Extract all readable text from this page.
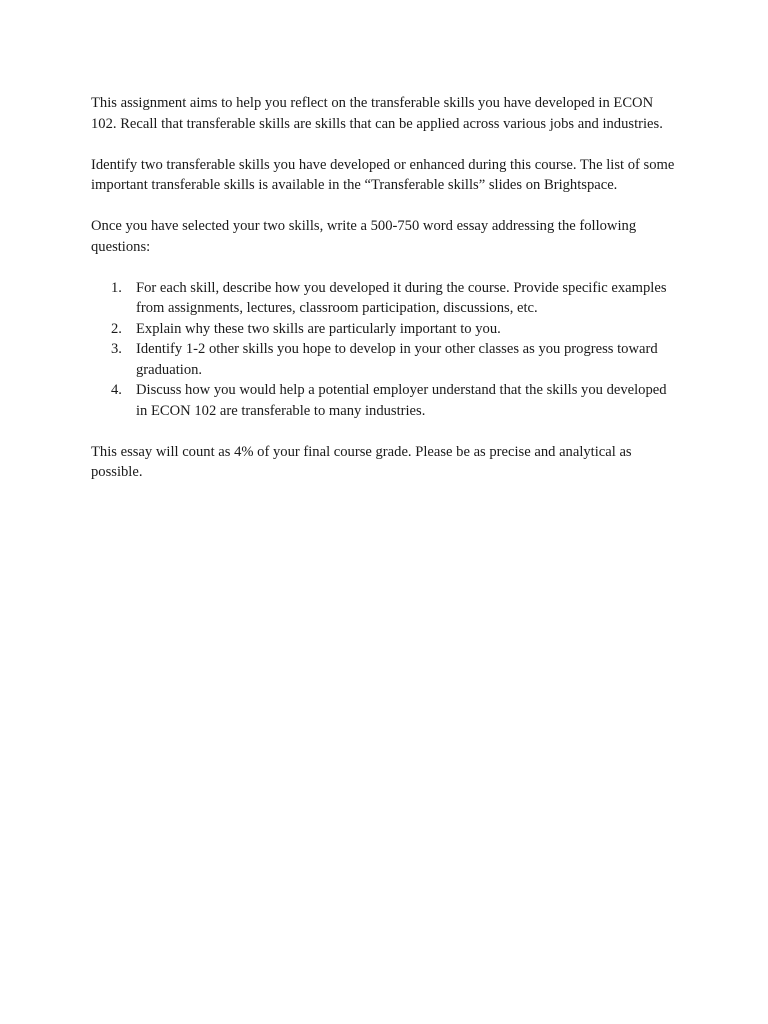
This assignment aims to help you reflect on the transferable skills you have developed in ECON 102. Recall that transferable skills are skills that can be applied across various jobs and industries.

Identify two transferable skills you have developed or enhanced during this course. The list of some important transferable skills is available in the “Transferable skills” slides on Brightspace.

Once you have selected your two skills, write a 500-750 word essay addressing the following questions:

1. For each skill, describe how you developed it during the course. Provide specific examples from assignments, lectures, classroom participation, discussions, etc.
2. Explain why these two skills are particularly important to you.
3. Identify 1-2 other skills you hope to develop in your other classes as you progress toward graduation.
4. Discuss how you would help a potential employer understand that the skills you developed in ECON 102 are transferable to many industries.

This essay will count as 4% of your final course grade. Please be as precise and analytical as possible.
